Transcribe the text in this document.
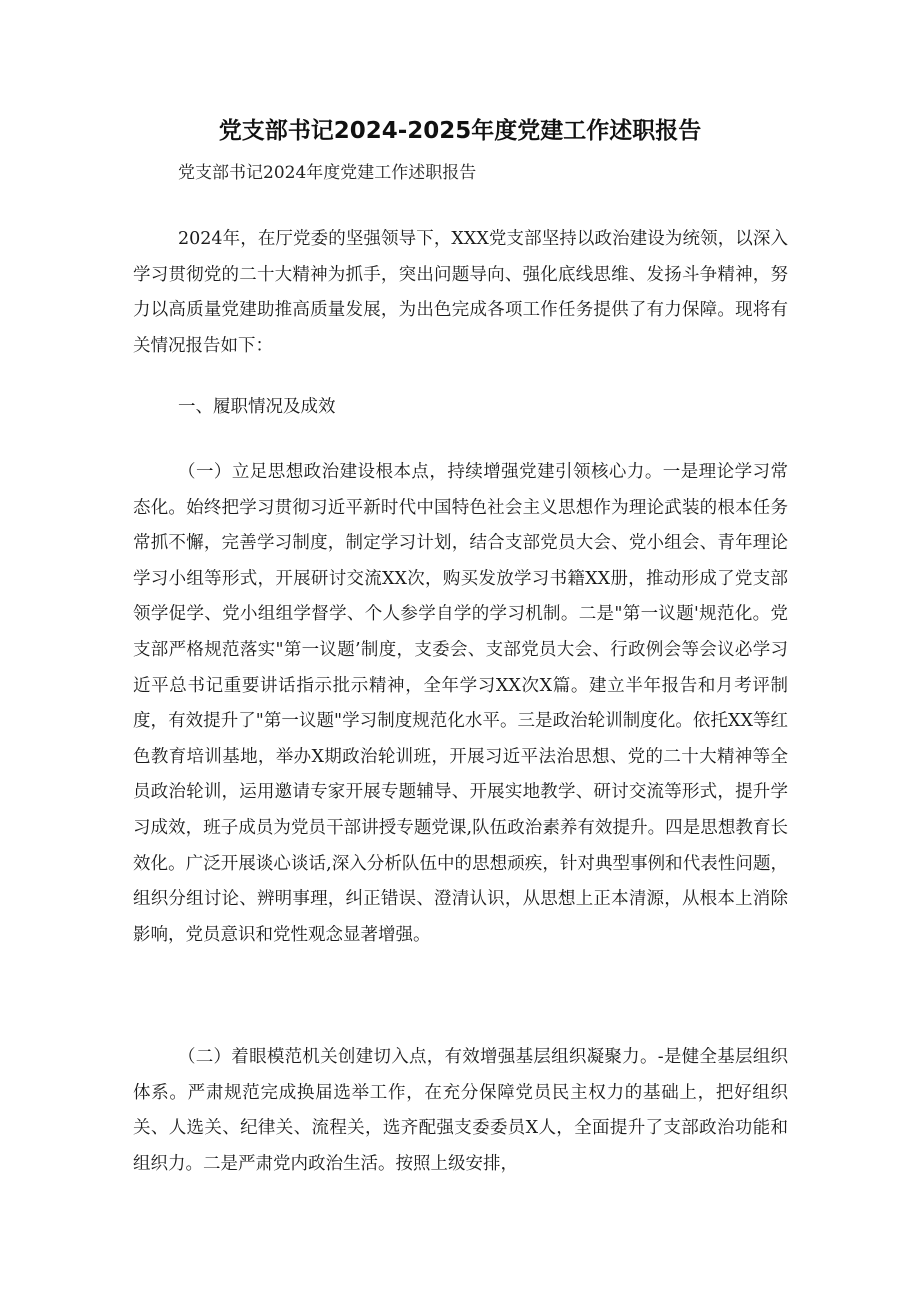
党支部书记2024-2025年度党建工作述职报告

党支部书记2024年度党建工作述职报告

2024年，在厅党委的坚强领导下，XXX党支部坚持以政治建设为统领，以深入学习贯彻党的二十大精神为抓手，突出问题导向、强化底线思维、发扬斗争精神，努力以高质量党建助推高质量发展，为出色完成各项工作任务提供了有力保障。现将有关情况报告如下：

一、履职情况及成效

（一）立足思想政治建设根本点，持续增强党建引领核心力。一是理论学习常态化。始终把学习贯彻习近平新时代中国特色社会主义思想作为理论武装的根本任务常抓不懈，完善学习制度，制定学习计划，结合支部党员大会、党小组会、青年理论学习小组等形式，开展研讨交流XX次，购买发放学习书籍XX册，推动形成了党支部领学促学、党小组组学督学、个人参学自学的学习机制。二是"第一议题'规范化。党支部严格规范落实"第一议题’制度，支委会、支部党员大会、行政例会等会议必学习近平总书记重要讲话指示批示精神，全年学习XX次X篇。建立半年报告和月考评制度，有效提升了"第一议题"学习制度规范化水平。三是政治轮训制度化。依托XX等红色教育培训基地，举办X期政治轮训班，开展习近平法治思想、党的二十大精神等全员政治轮训，运用邀请专家开展专题辅导、开展实地教学、研讨交流等形式，提升学习成效，班子成员为党员干部讲授专题党课,队伍政治素养有效提升。四是思想教育长效化。广泛开展谈心谈话,深入分析队伍中的思想顽疾，针对典型事例和代表性问题，组织分组讨论、辨明事理，纠正错误、澄清认识，从思想上正本清源，从根本上消除影响，党员意识和党性观念显著增强。

（二）着眼模范机关创建切入点，有效增强基层组织凝聚力。-是健全基层组织体系。严肃规范完成换届选举工作，在充分保障党员民主权力的基础上，把好组织关、人选关、纪律关、流程关，选齐配强支委委员X人，全面提升了支部政治功能和组织力。二是严肃党内政治生活。按照上级安排，
